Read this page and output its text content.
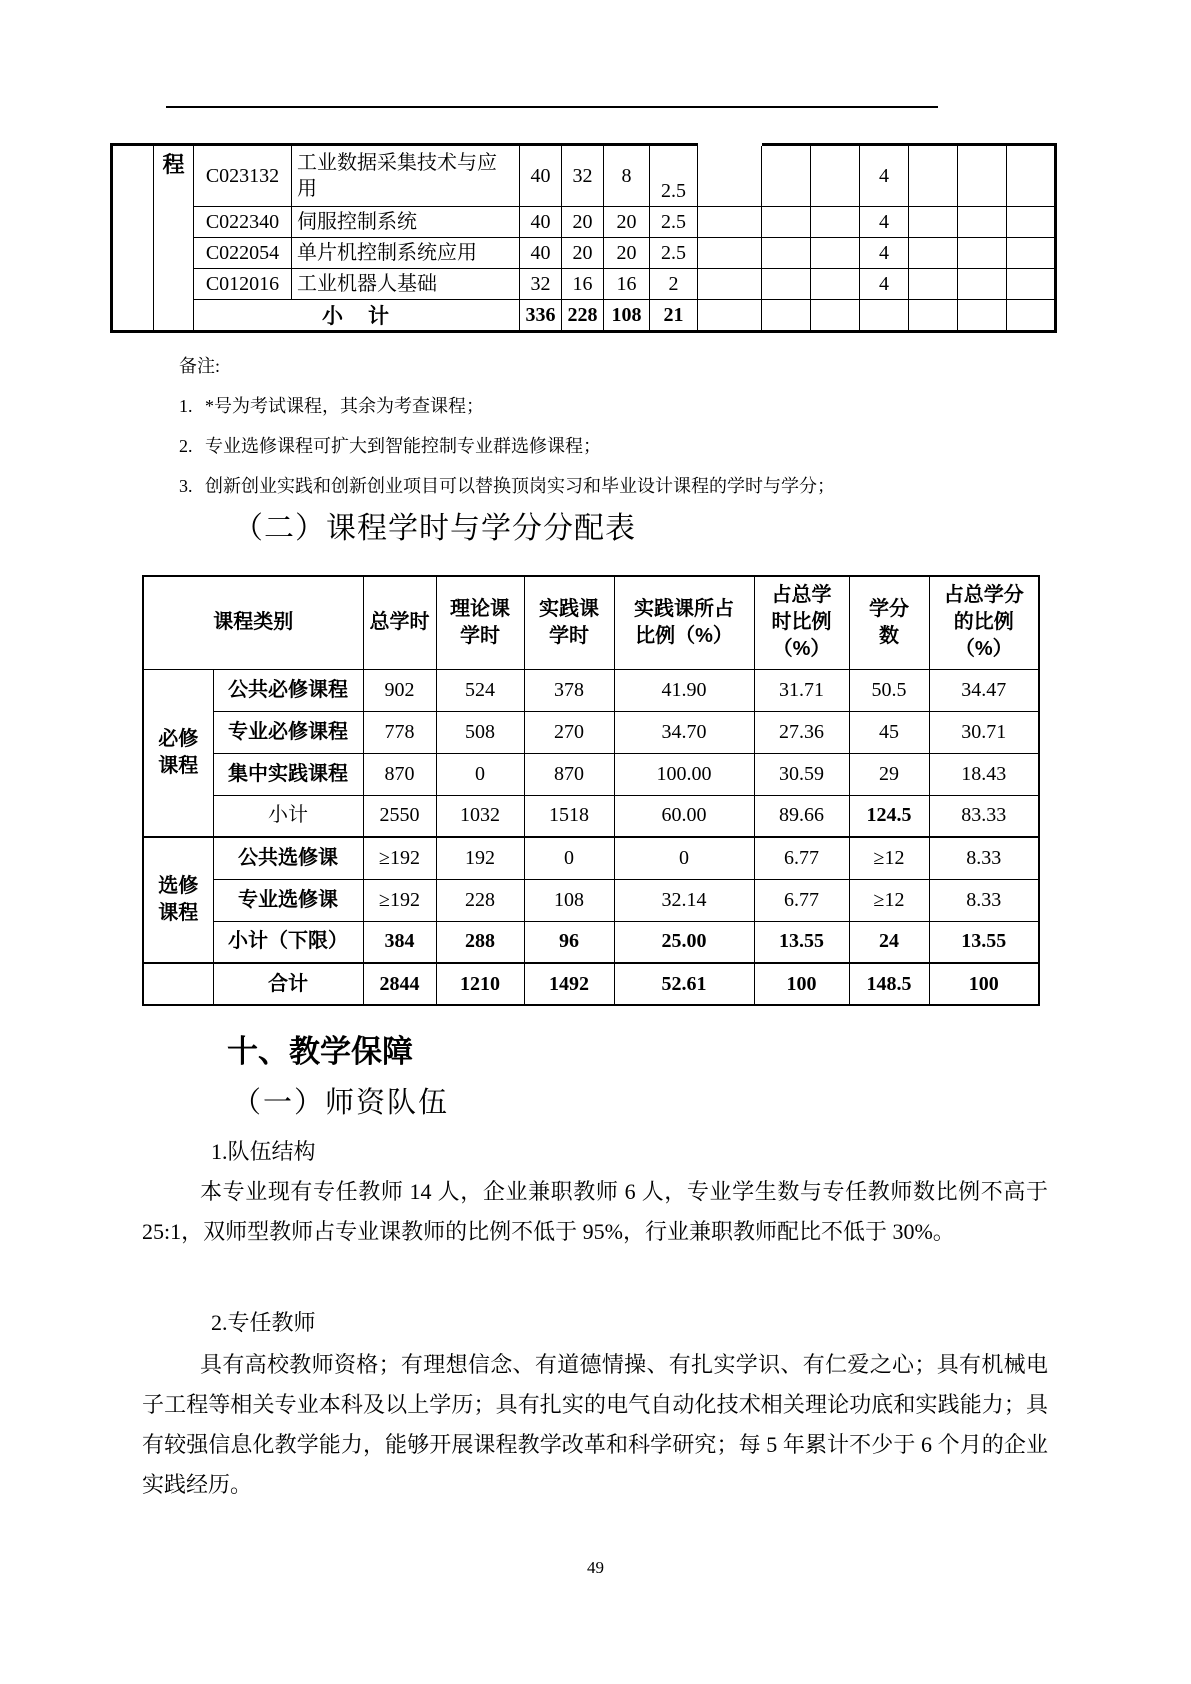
	程	C023132	工业数据采集技术与应用	40	32	8	2.5				4			
		C022340	伺服控制系统	40	20	20	2.5				4			
		C022054	单片机控制系统应用	40	20	20	2.5				4			
		C012016	工业机器人基础	32	16	16	2				4			
		小　计		336	228	108	21							
备注:
1. *号为考试课程，其余为考查课程；
2. 专业选修课程可扩大到智能控制专业群选修课程；
3. 创新创业实践和创新创业项目可以替换顶岗实习和毕业设计课程的学时与学分；
（二）课程学时与学分分配表
课程类别		总学时	理论课学时	实践课学时	实践课所占比例（%）	占总学时比例（%）	学分数	占总学分的比例（%）
必修课程	公共必修课程	902	524	378	41.90	31.71	50.5	34.47
	专业必修课程	778	508	270	34.70	27.36	45	30.71
	集中实践课程	870	0	870	100.00	30.59	29	18.43
	小计	2550	1032	1518	60.00	89.66	124.5	83.33
选修课程	公共选修课	≥192	192	0	0	6.77	≥12	8.33
	专业选修课	≥192	228	108	32.14	6.77	≥12	8.33
	小计（下限）	384	288	96	25.00	13.55	24	13.55
	合计	2844	1210	1492	52.61	100	148.5	100
十、教学保障
（一）师资队伍
1.队伍结构
本专业现有专任教师 14 人，企业兼职教师 6 人，专业学生数与专任教师数比例不高于 25:1，双师型教师占专业课教师的比例不低于 95%，行业兼职教师配比不低于 30%。
2.专任教师
具有高校教师资格；有理想信念、有道德情操、有扎实学识、有仁爱之心；具有机械电子工程等相关专业本科及以上学历；具有扎实的电气自动化技术相关理论功底和实践能力；具有较强信息化教学能力，能够开展课程教学改革和科学研究；每 5 年累计不少于 6 个月的企业实践经历。
49
